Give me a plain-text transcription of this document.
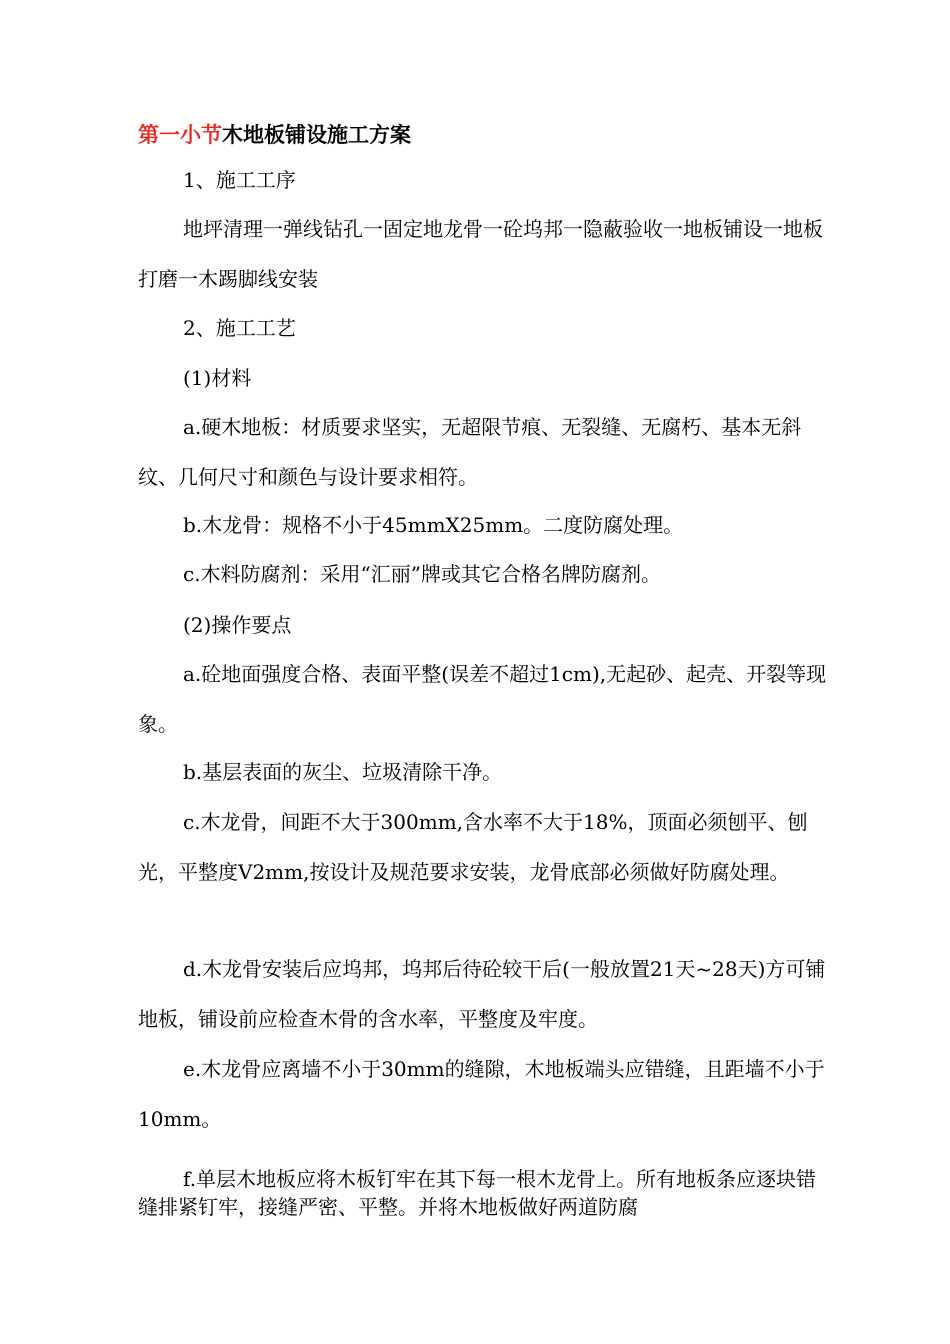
第一小节木地板铺设施工方案

1、施工工序

地坪清理一弹线钻孔一固定地龙骨一砼坞邦一隐蔽验收一地板铺设一地板打磨一木踢脚线安装

2、施工工艺

(1)材料

a.硬木地板：材质要求坚实，无超限节痕、无裂缝、无腐朽、基本无斜纹、几何尺寸和颜色与设计要求相符。

b.木龙骨：规格不小于45mmX25mm。二度防腐处理。

c.木料防腐剂：采用“汇丽”牌或其它合格名牌防腐剂。

(2)操作要点

a.砼地面强度合格、表面平整(误差不超过1cm),无起砂、起壳、开裂等现象。

b.基层表面的灰尘、垃圾清除干净。

c.木龙骨，间距不大于300mm,含水率不大于18%，顶面必须刨平、刨光，平整度V2mm,按设计及规范要求安装，龙骨底部必须做好防腐处理。

d.木龙骨安装后应坞邦，坞邦后待砼较干后(一般放置21天~28天)方可铺地板，铺设前应检查木骨的含水率，平整度及牢度。

e.木龙骨应离墙不小于30mm的缝隙，木地板端头应错缝，且距墙不小于10mm。

f.单层木地板应将木板钉牢在其下每一根木龙骨上。所有地板条应逐块错缝排紧钉牢，接缝严密、平整。并将木地板做好两道防腐
